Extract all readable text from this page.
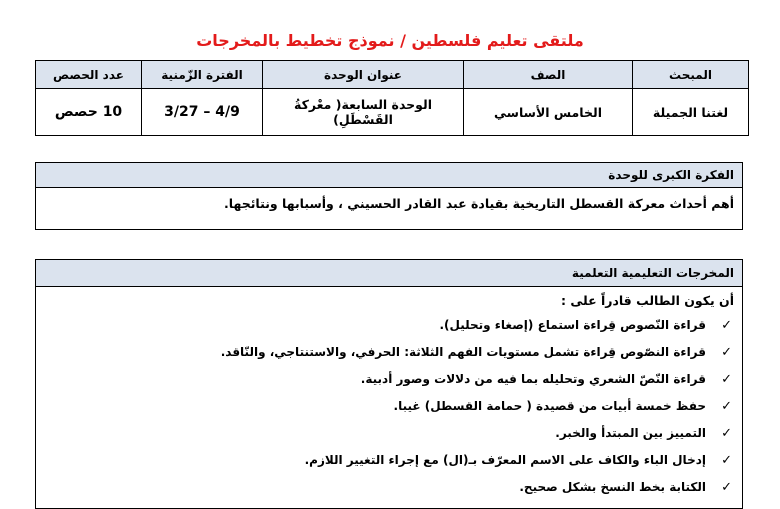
ملتقى تعليم فلسطين / نموذج تخطيط بالمخرجات
المبحث	الصف	عنوان الوحدة	الفترة الزّمنية	عدد الحصص
لغتنا الجميلة	الخامس الأساسي	الوحدة السابعة( معْركةُ القَسْطَلِ)	3/27 – 4/9	10 حصص
الفكرة الكبرى للوحدة
أهم أحداث معركة القسطل التاريخية بقيادة عبد القادر الحسيني ، وأسبابها ونتائجها.
المخرجات التعليمية التعلمية
أن يكون الطالب قادراً على :
✓
قراءة النّصوص قِراءة استماع (إصغاء وتحليل).
✓
قراءة النصّوص قِراءة تشمل مستويات الفهم الثلاثة: الحرفي، والاستنتاجي، والنّاقد.
✓
قراءة النّصّ الشعري وتحليله بما فيه من دلالات وصور أدبية.
✓
حفظ خمسة أبيات من قصيدة ( حمامة القسطل) غيبا.
✓
التمييز بين المبتدأ والخبر.
✓
إدخال الباء والكاف على الاسم المعرّف بـ(ال) مع إجراء التغيير اللازم.
✓
الكتابة بخط النسخ بشكل صحيح.
